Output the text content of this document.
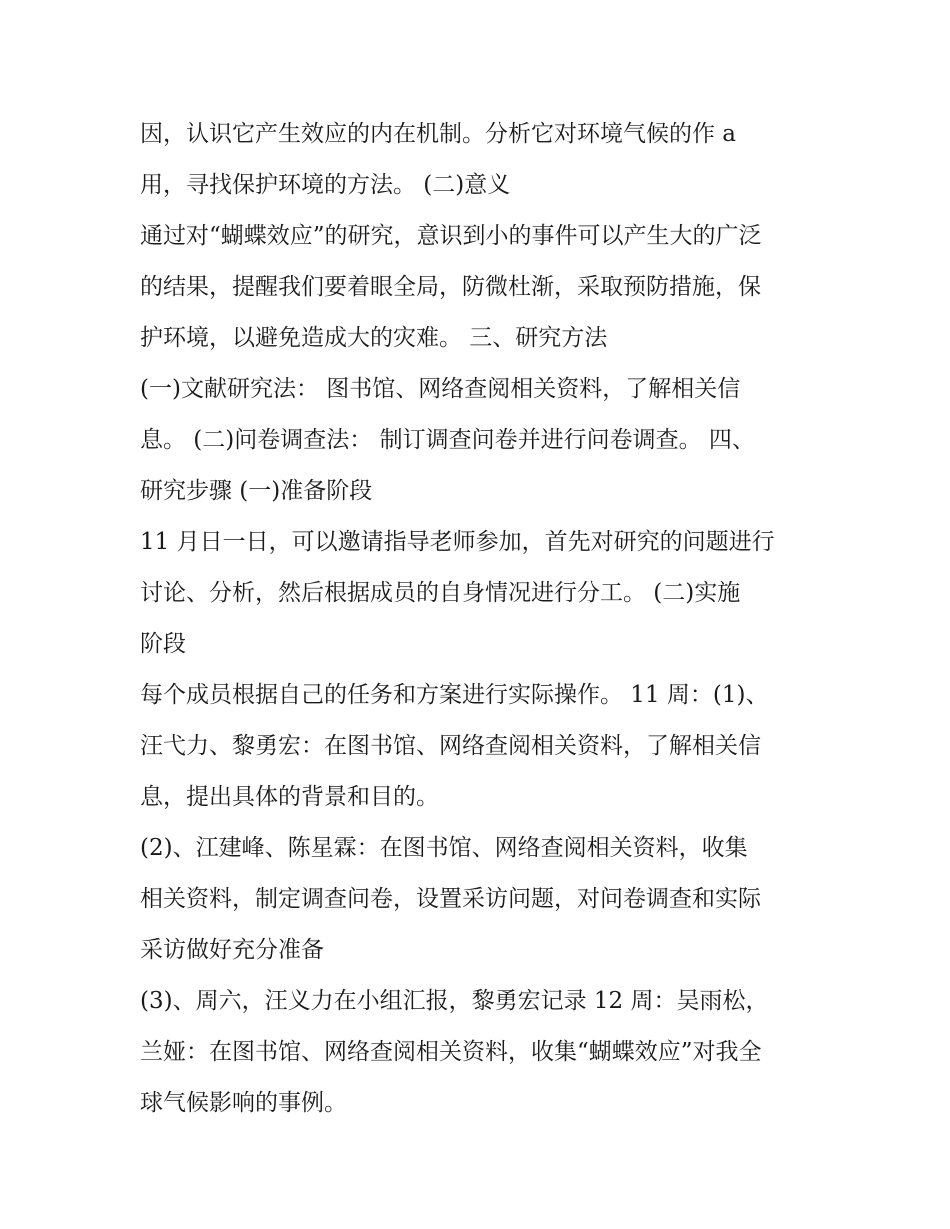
因，认识它产生效应的内在机制。分析它对环境气候的作 a
用，寻找保护环境的方法。 (二)意义
通过对“蝴蝶效应”的研究，意识到小的事件可以产生大的广泛
的结果，提醒我们要着眼全局，防微杜渐，采取预防措施，保
护环境，以避免造成大的灾难。 三、研究方法
(一)文献研究法： 图书馆、网络查阅相关资料，了解相关信
息。 (二)问卷调查法： 制订调查问卷并进行问卷调查。 四、
研究步骤 (一)准备阶段
11 月日一日，可以邀请指导老师参加，首先对研究的问题进行
讨论、分析，然后根据成员的自身情况进行分工。 (二)实施
阶段
每个成员根据自己的任务和方案进行实际操作。 11 周：(1)、
汪弋力、黎勇宏：在图书馆、网络查阅相关资料，了解相关信
息，提出具体的背景和目的。
(2)、江建峰、陈星霖：在图书馆、网络查阅相关资料，收集
相关资料，制定调查问卷，设置采访问题，对问卷调查和实际
采访做好充分准备
(3)、周六，汪义力在小组汇报，黎勇宏记录 12 周：吴雨松，
兰娅：在图书馆、网络查阅相关资料，收集“蝴蝶效应”对我全
球气候影响的事例。
